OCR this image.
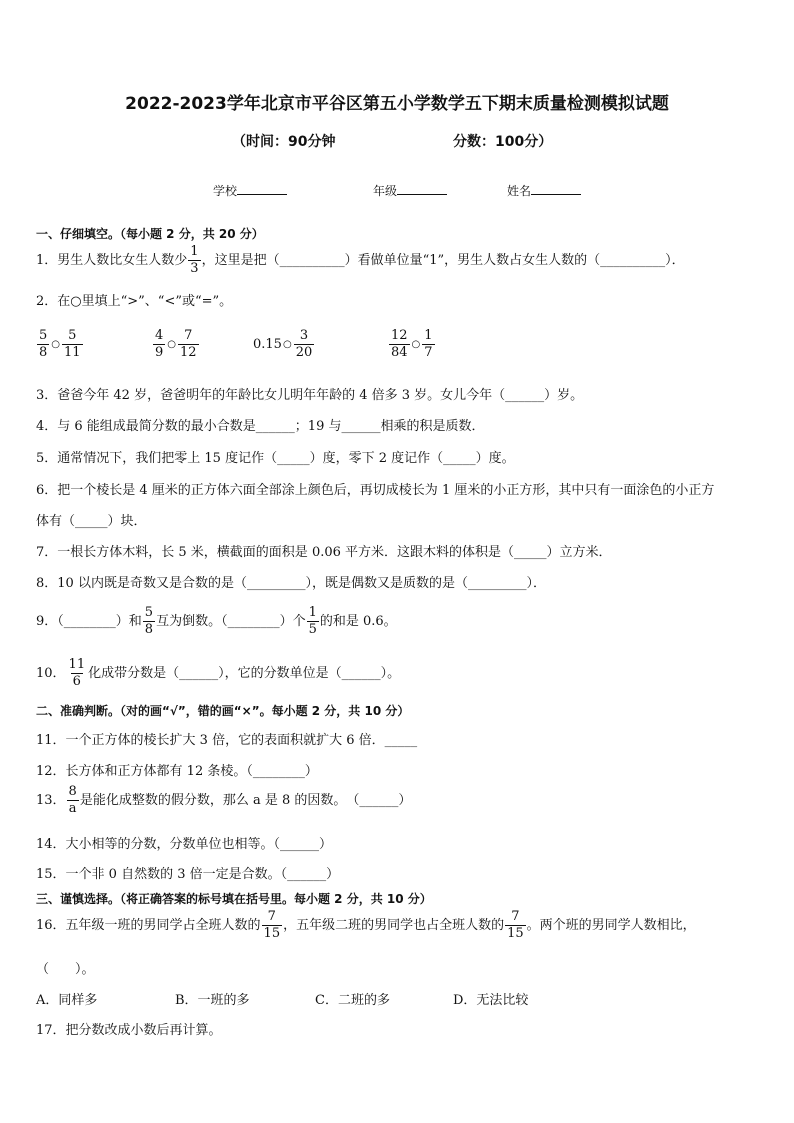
2022-2023学年北京市平谷区第五小学数学五下期末质量检测模拟试题
（时间：90分钟	分数：100分）
学校	年级	姓名
一、仔细填空。（每小题 2 分，共 20 分）
1．男生人数比女生人数少 $\frac{1}{3}$ ，这里是把（__________）看做单位量“1”，男生人数占女生人数的（__________）．
2．在○里填上“>”、“<”或“=”。
$\frac{5}{8}$ ○ $\frac{5}{11}$	$\frac{4}{9}$ ○ $\frac{7}{12}$	0.15 ○ $\frac{3}{20}$	$\frac{12}{84}$ ○ $\frac{1}{7}$
3．爸爸今年 42 岁，爸爸明年的年龄比女儿明年年龄的 4 倍多 3 岁。女儿今年（______）岁。
4．与 6 能组成最简分数的最小合数是______；19 与______相乘的积是质数．
5．通常情况下，我们把零上 15 度记作（_____）度，零下 2 度记作（_____）度。
6．把一个棱长是 4 厘米的正方体六面全部涂上颜色后，再切成棱长为 1 厘米的小正方形，其中只有一面涂色的小正方
体有（_____）块．
7．一根长方体木料，长 5 米，横截面的面积是 0.06 平方米．这跟木料的体积是（_____）立方米．
8．10 以内既是奇数又是合数的是（_________），既是偶数又是质数的是（_________）．
9．（________）和 $\frac{5}{8}$ 互为倒数。（________）个 $\frac{1}{5}$ 的和是 0.6。
10． $\frac{11}{6}$ 化成带分数是（______），它的分数单位是（______）。
二、准确判断。（对的画“√”，错的画“×”。每小题 2 分，共 10 分）
11．一个正方体的棱长扩大 3 倍，它的表面积就扩大 6 倍．_____
12．长方体和正方体都有 12 条棱。（________）
13． $\frac{8}{a}$ 是能化成整数的假分数，那么 a 是 8 的因数。　（______）
14．大小相等的分数，分数单位也相等。（______）
15．一个非 0 自然数的 3 倍一定是合数。（______）
三、谨慎选择。（将正确答案的标号填在括号里。每小题 2 分，共 10 分）
16．五年级一班的男同学占全班人数的 $\frac{7}{15}$ ，五年级二班的男同学也占全班人数的 $\frac{7}{15}$ 。两个班的男同学人数相比，
（　　）。
A．同样多	B．一班的多	C．二班的多	D．无法比较
17．把分数改成小数后再计算。
